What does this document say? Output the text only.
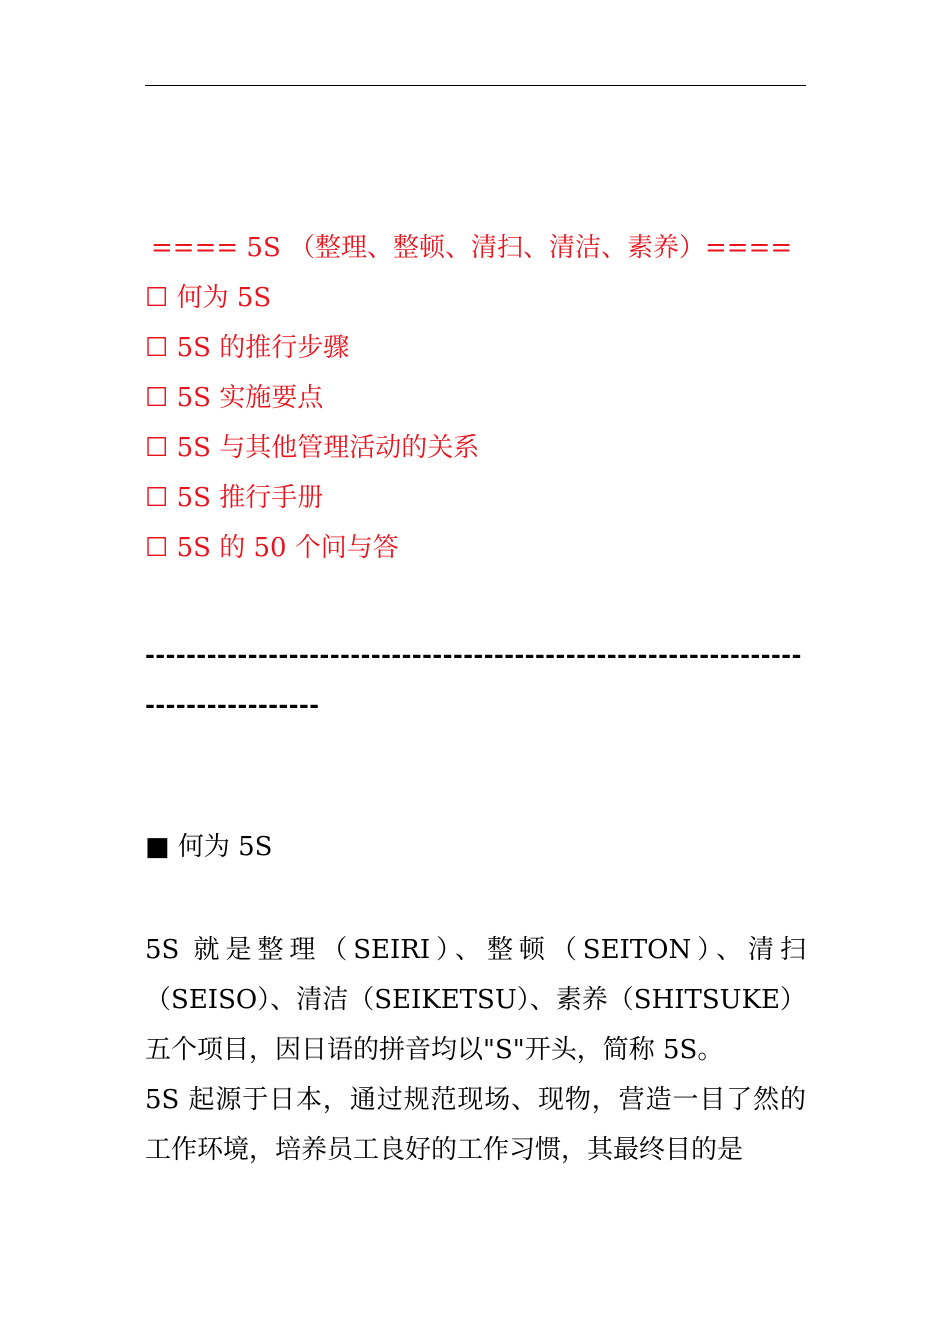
==== 5S （整理、整顿、清扫、清洁、素养）====
☐ 何为 5S
☐ 5S 的推行步骤
☐ 5S 实施要点
☐ 5S 与其他管理活动的关系
☐ 5S 推行手册
☐ 5S 的 50 个问与答
---------------------------------------------------------------------------------
■ 何为 5S

5S 就是整理（SEIRI）、整顿（SEITON）、清扫（SEISO）、清洁（SEIKETSU）、素养（SHITSUKE）五个项目，因日语的拼音均以"S"开头，简称 5S。

5S 起源于日本，通过规范现场、现物，营造一目了然的工作环境，培养员工良好的工作习惯，其最终目的是
